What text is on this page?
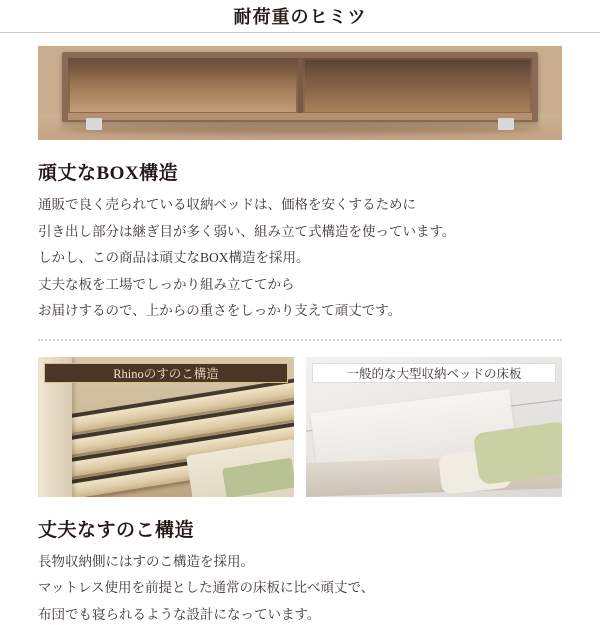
耐荷重のヒミツ
頑丈なBOX構造

通販で良く売られている収納ベッドは、価格を安くするために

引き出し部分は継ぎ目が多く弱い、組み立て式構造を使っています。

しかし、この商品は頑丈なBOX構造を採用。

丈夫な板を工場でしっかり組み立ててから

お届けするので、上からの重さをしっかり支えて頑丈です。

Rhinoのすのこ構造	一般的な大型収納ベッドの床板
丈夫なすのこ構造

長物収納側にはすのこ構造を採用。

マットレス使用を前提とした通常の床板に比べ頑丈で、

布団でも寝られるような設計になっています。
